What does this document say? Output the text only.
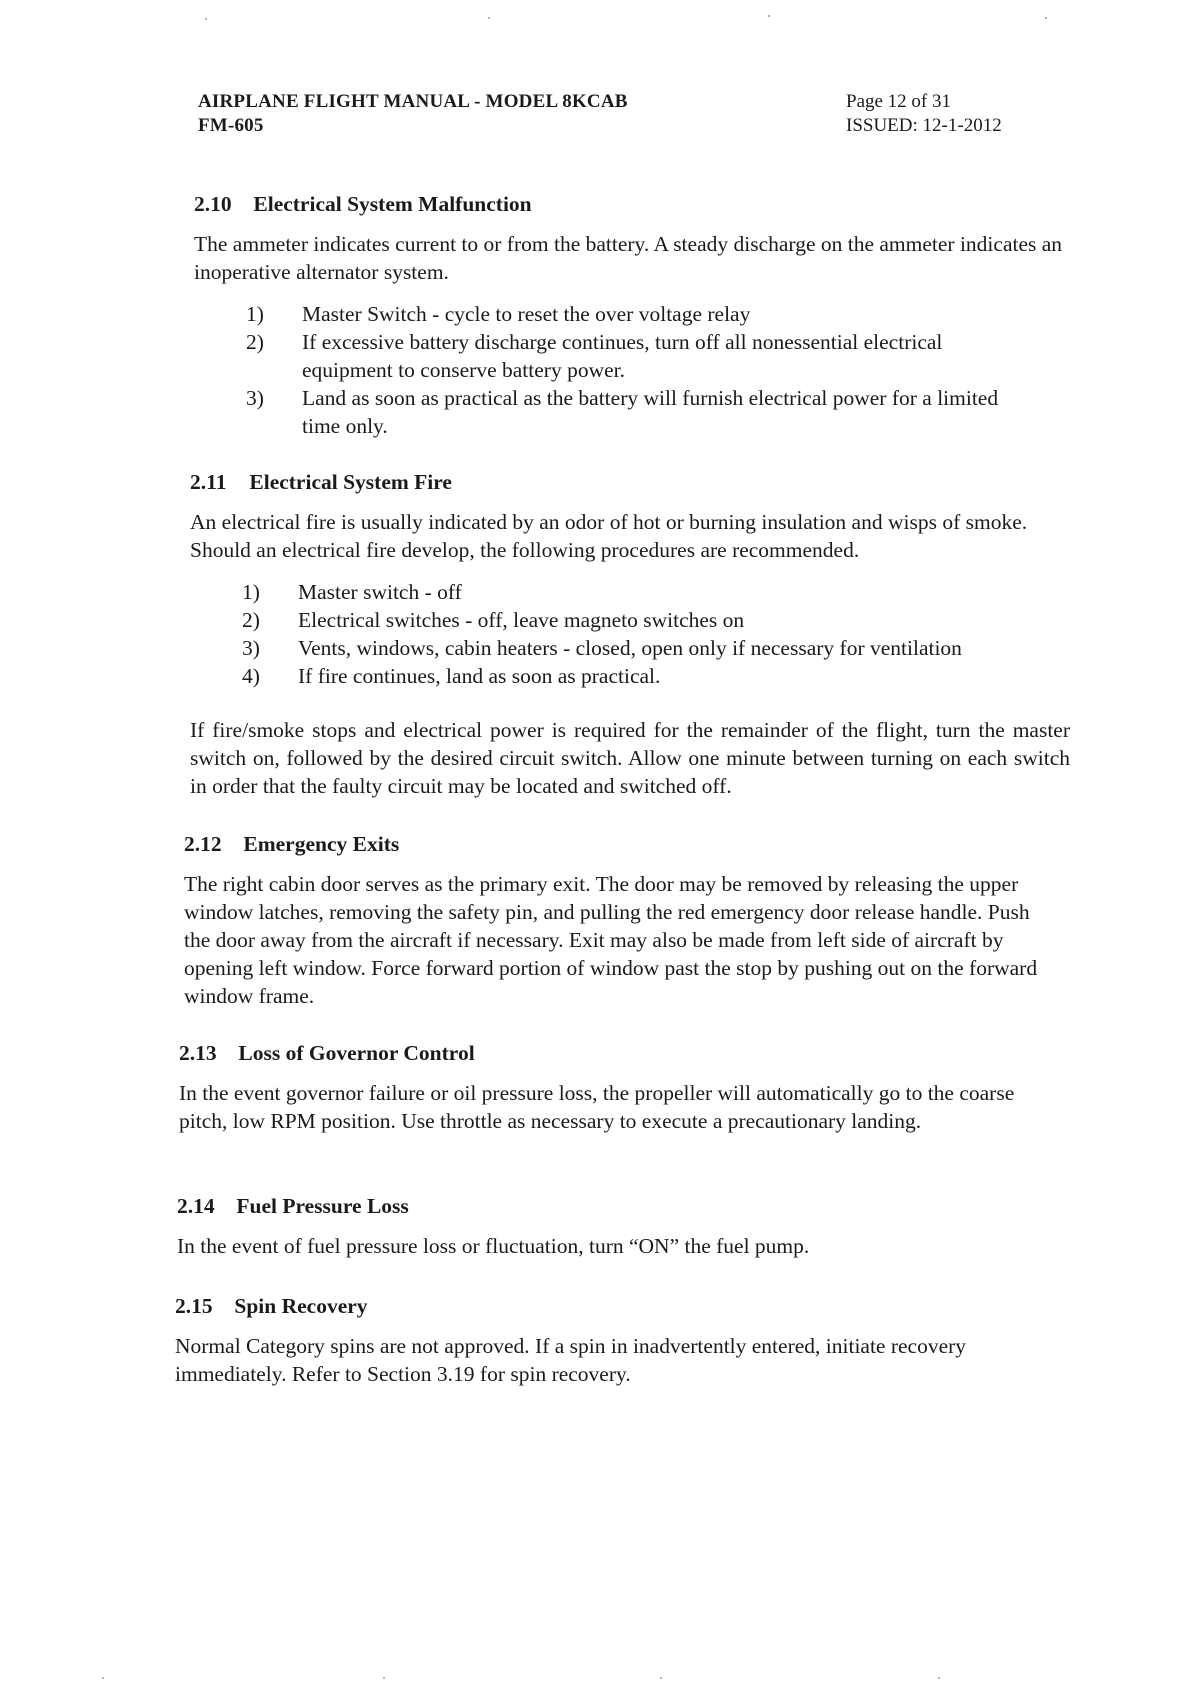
AIRPLANE FLIGHT MANUAL - MODEL 8KCAB
FM-605
Page 12 of 31
ISSUED: 12-1-2012
2.10 Electrical System Malfunction

The ammeter indicates current to or from the battery. A steady discharge on the ammeter indicates an inoperative alternator system.

1) Master Switch - cycle to reset the over voltage relay
2) If excessive battery discharge continues, turn off all nonessential electrical equipment to conserve battery power.
3) Land as soon as practical as the battery will furnish electrical power for a limited time only.
2.11 Electrical System Fire

An electrical fire is usually indicated by an odor of hot or burning insulation and wisps of smoke. Should an electrical fire develop, the following procedures are recommended.

1) Master switch - off
2) Electrical switches - off, leave magneto switches on
3) Vents, windows, cabin heaters - closed, open only if necessary for ventilation
4) If fire continues, land as soon as practical.

If fire/smoke stops and electrical power is required for the remainder of the flight, turn the master switch on, followed by the desired circuit switch. Allow one minute between turning on each switch in order that the faulty circuit may be located and switched off.

2.12 Emergency Exits

The right cabin door serves as the primary exit. The door may be removed by releasing the upper window latches, removing the safety pin, and pulling the red emergency door release handle. Push the door away from the aircraft if necessary. Exit may also be made from left side of aircraft by opening left window. Force forward portion of window past the stop by pushing out on the forward window frame.

2.13 Loss of Governor Control

In the event governor failure or oil pressure loss, the propeller will automatically go to the coarse pitch, low RPM position. Use throttle as necessary to execute a precautionary landing.

2.14 Fuel Pressure Loss

In the event of fuel pressure loss or fluctuation, turn “ON” the fuel pump.

2.15 Spin Recovery

Normal Category spins are not approved. If a spin in inadvertently entered, initiate recovery immediately. Refer to Section 3.19 for spin recovery.
